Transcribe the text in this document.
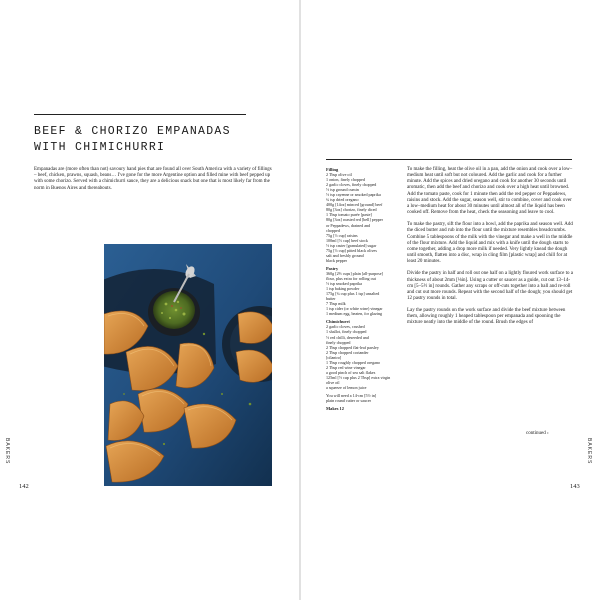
BEEF & CHORIZO EMPANADAS
WITH CHIMICHURRI
Empanadas are (more often than not) savoury hand pies that are found all over South America with a variety of fillings – beef, chicken, prawns, squash, beans… I've gone for the more Argentine option and filled mine with beef pepped up with some chorizo. Served with a chimichurri sauce, they are a delicious snack but one that is most likely far from the norm in Buenos Aires and thereabouts.
BAKERS
142
Filling
2 Tbsp olive oil
1 onion, finely chopped
2 garlic cloves, finely chopped
½ tsp ground cumin
½ tsp cayenne or smoked paprika
¾ tsp dried oregano
400g [14oz] minced [ground] beef
80g [3oz] chorizo, finely diced
1 Tbsp tomato purée [paste]
80g [3oz] roasted red [bell] pepper
or Peppadews, drained and
chopped
75g [⅓ cup] raisins
100ml [⅓ cup] beef stock
½ tsp caster [granulated] sugar
75g [⅓ cup] pitted black olives
salt and freshly ground
black pepper
Pastry
360g [2⅔ cups] plain [all-purpose]
flour, plus extra for rolling out
½ tsp smoked paprika
1 tsp baking powder
175g [¾ cup plus 1 tsp] unsalted
butter
7 Tbsp milk
1 tsp cider (or white wine) vinegar
1 medium egg, beaten, for glazing
Chimichurri
2 garlic cloves, crushed
1 shallot, finely chopped
½ red chilli, deseeded and
finely chopped
2 Tbsp chopped flat-leaf parsley
2 Tbsp chopped coriander
[cilantro]
1 Tbsp roughly chopped oregano
2 Tbsp red wine vinegar
a good pinch of sea salt flakes
125ml [½ cup plus 2 Tbsp] extra virgin
olive oil
a squeeze of lemon juice
You will need a 14-cm [5½ in]
plain round cutter or saucer
Makes 12

To make the filling, heat the olive oil in a pan, add the onion and cook over a low–medium heat until soft but not coloured. Add the garlic and cook for a further minute. Add the spices and dried oregano and cook for another 30 seconds until aromatic, then add the beef and chorizo and cook over a high heat until browned. Add the tomato paste, cook for 1 minute then add the red pepper or Peppadews, raisins and stock. Add the sugar, season well, stir to combine, cover and cook over a low–medium heat for about 30 minutes until almost all of the liquid has been cooked off. Remove from the heat, check the seasoning and leave to cool.

To make the pastry, sift the flour into a bowl, add the paprika and season well. Add the diced butter and rub into the flour until the mixture resembles breadcrumbs. Combine 5 tablespoons of the milk with the vinegar and make a well in the middle of the flour mixture. Add the liquid and mix with a knife until the dough starts to come together, adding a drop more milk if needed. Very lightly knead the dough until smooth, flatten into a disc, wrap in cling film [plastic wrap] and chill for at least 20 minutes.

Divide the pastry in half and roll out one half on a lightly floured work surface to a thickness of about 2mm [⅛in]. Using a cutter or saucer as a guide, cut out 13–14-cm [5–5½ in] rounds. Gather any scraps or off-cuts together into a ball and re-roll and cut out more rounds. Repeat with the second half of the dough; you should get 12 pastry rounds in total.

Lay the pastry rounds on the work surface and divide the beef mixture between them, allowing roughly 1 heaped tablespoon per empanada and spooning the mixture neatly into the middle of the round. Brush the edges of

continued ›
BAKERS
143
